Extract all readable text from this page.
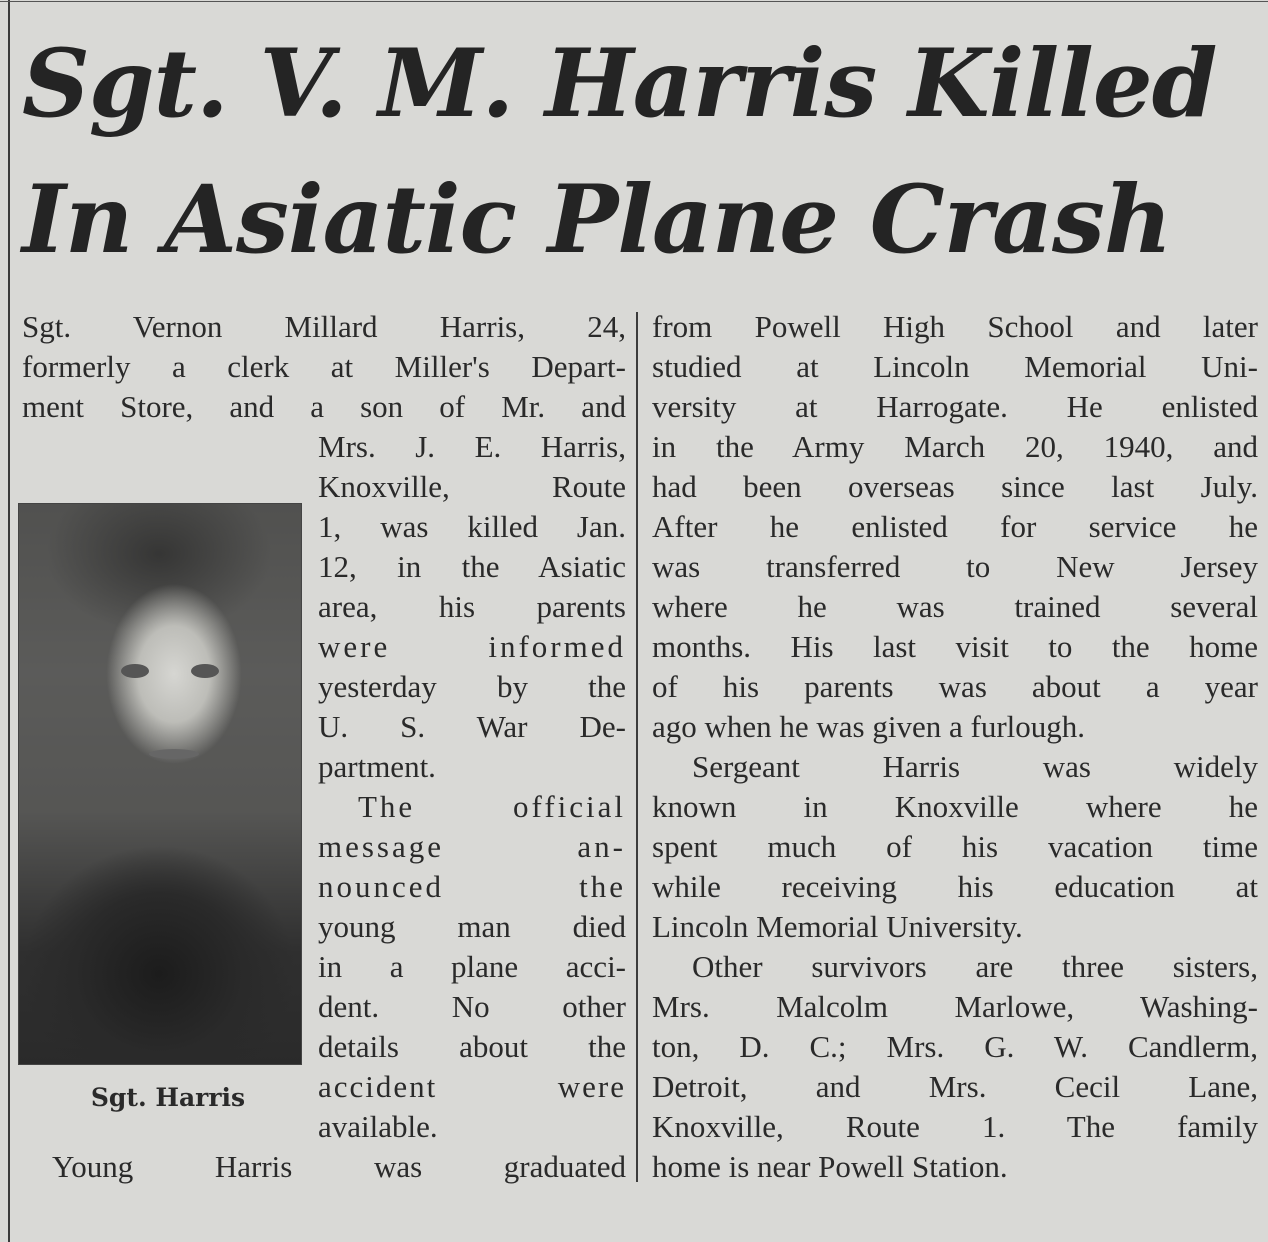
Sgt. V. M. Harris Killed
In Asiatic Plane Crash

Sgt. Vernon Millard Harris, 24,

formerly a clerk at Miller's Depart-

ment Store, and a son of Mr. and

Sgt. Harris

Mrs. J. E. Harris,

Knoxville, Route

1, was killed Jan.

12, in the Asiatic

area, his parents

were informed

yesterday by the

U. S. War De-

partment.

The official

message an-

nounced the

young man died

in a plane acci-

dent. No other

details about the

accident were

available.

Young Harris was graduated

from Powell High School and later

studied at Lincoln Memorial Uni-

versity at Harrogate. He enlisted

in the Army March 20, 1940, and

had been overseas since last July.

After he enlisted for service he

was transferred to New Jersey

where he was trained several

months. His last visit to the home

of his parents was about a year

ago when he was given a furlough.

Sergeant Harris was widely

known in Knoxville where he

spent much of his vacation time

while receiving his education at

Lincoln Memorial University.

Other survivors are three sisters,

Mrs. Malcolm Marlowe, Washing-

ton, D. C.; Mrs. G. W. Candlerm,

Detroit, and Mrs. Cecil Lane,

Knoxville, Route 1. The family

home is near Powell Station.
